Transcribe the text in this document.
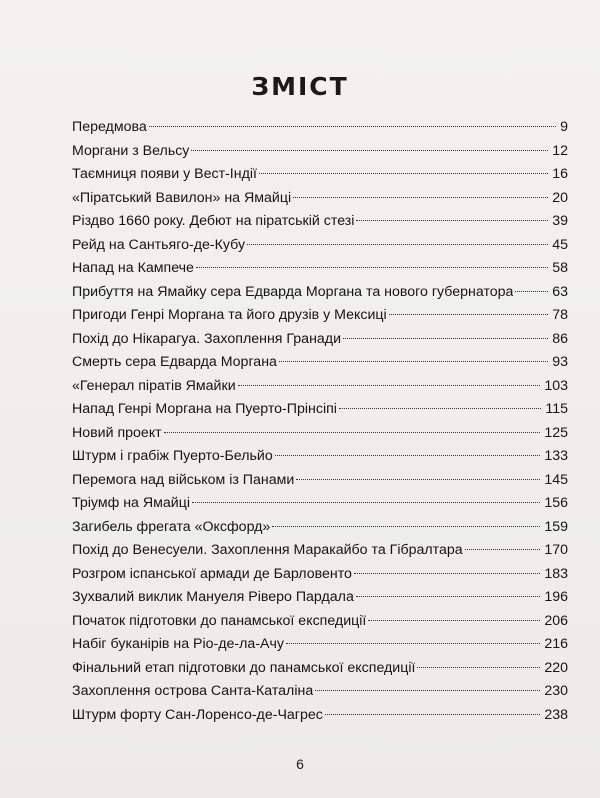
ЗМІСТ
Передмова	9
Моргани з Вельсу	12
Таємниця появи у Вест-Індії	16
«Піратський Вавилон» на Ямайці	20
Різдво 1660 року. Дебют на піратській стезі	39
Рейд на Сантьяго-де-Кубу	45
Напад на Кампече	58
Прибуття на Ямайку сера Едварда Моргана та нового губернатора	63
Пригоди Генрі Моргана та його друзів у Мексиці	78
Похід до Нікарагуа. Захоплення Гранади	86
Смерть сера Едварда Моргана	93
«Генерал піратів Ямайки	103
Напад Генрі Моргана на Пуерто-Прінсіпі	115
Новий проект	125
Штурм і грабіж Пуерто-Бельйо	133
Перемога над військом із Панами	145
Тріумф на Ямайці	156
Загибель фрегата «Оксфорд»	159
Похід до Венесуели. Захоплення Маракайбо та Гібралтара	170
Розгром іспанської армади де Барловенто	183
Зухвалий виклик Мануеля Ріверо Пардала	196
Початок підготовки до панамської експедиції	206
Набіг буканірів на Ріо-де-ла-Ачу	216
Фінальний етап підготовки до панамської експедиції	220
Захоплення острова Санта-Каталіна	230
Штурм форту Сан-Лоренсо-де-Чагрес	238
6
